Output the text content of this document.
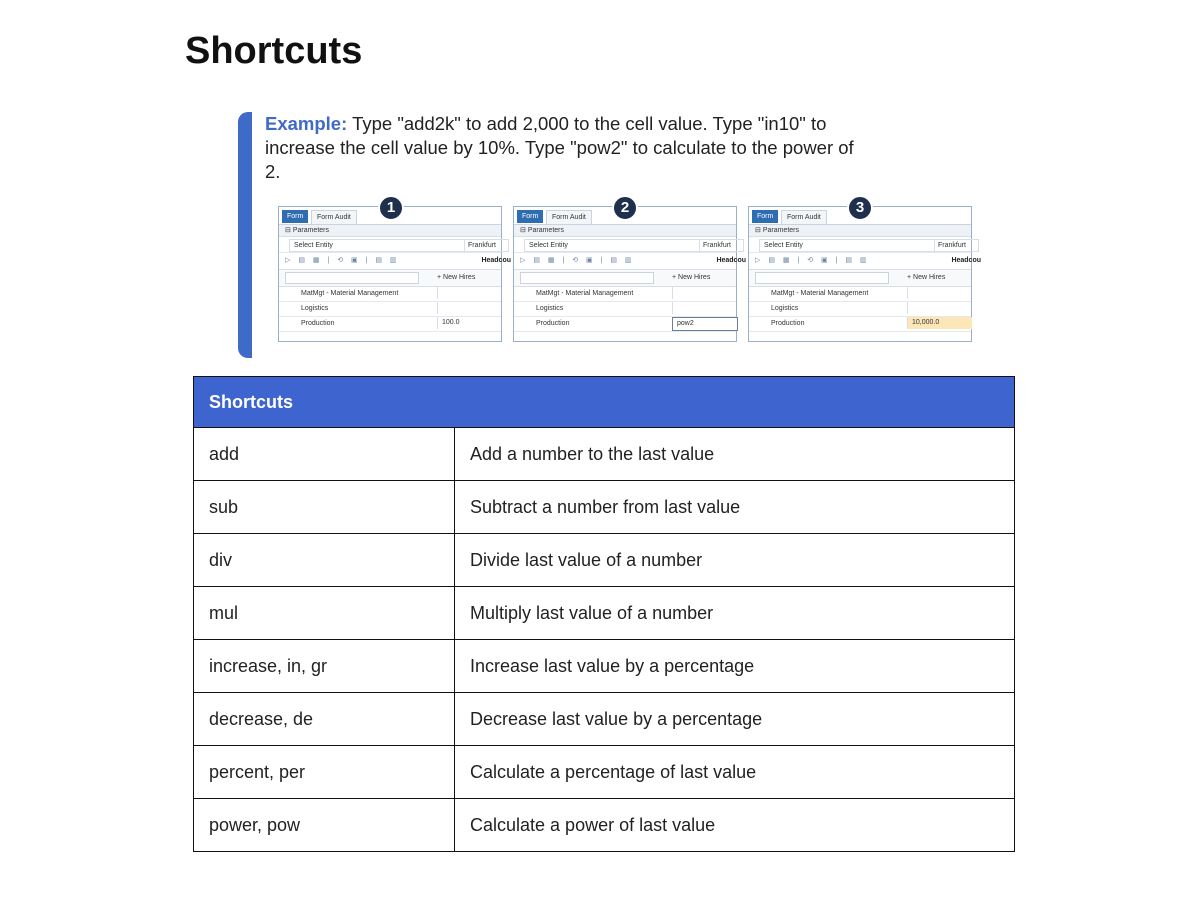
Shortcuts
Example: Type "add2k" to add 2,000 to the cell value. Type "in10" to increase the cell value by 10%. Type "pow2" to calculate to the power of 2.
Form	Form Audit
⊟ Parameters
Select Entity	Frankfurt
▷ ▤ ▦ | ⟲ ▣ | ▤ ▥	Headcou
+ New Hires
MatMgt - Material Management
Logistics
Production	100.0
1
Form	Form Audit
⊟ Parameters
Select Entity	Frankfurt
▷ ▤ ▦ | ⟲ ▣ | ▤ ▥	Headcou
+ New Hires
MatMgt - Material Management
Logistics
Production	pow2
2
Form	Form Audit
⊟ Parameters
Select Entity	Frankfurt
▷ ▤ ▦ | ⟲ ▣ | ▤ ▥	Headcou
+ New Hires
MatMgt - Material Management
Logistics
Production	10,000.0
3
Shortcuts	
add	Add a number to the last value
sub	Subtract a number from last value
div	Divide last value of a number
mul	Multiply last value of a number
increase, in, gr	Increase last value by a percentage
decrease, de	Decrease last value by a percentage
percent, per	Calculate a percentage of last value
power, pow	Calculate a power of last value
